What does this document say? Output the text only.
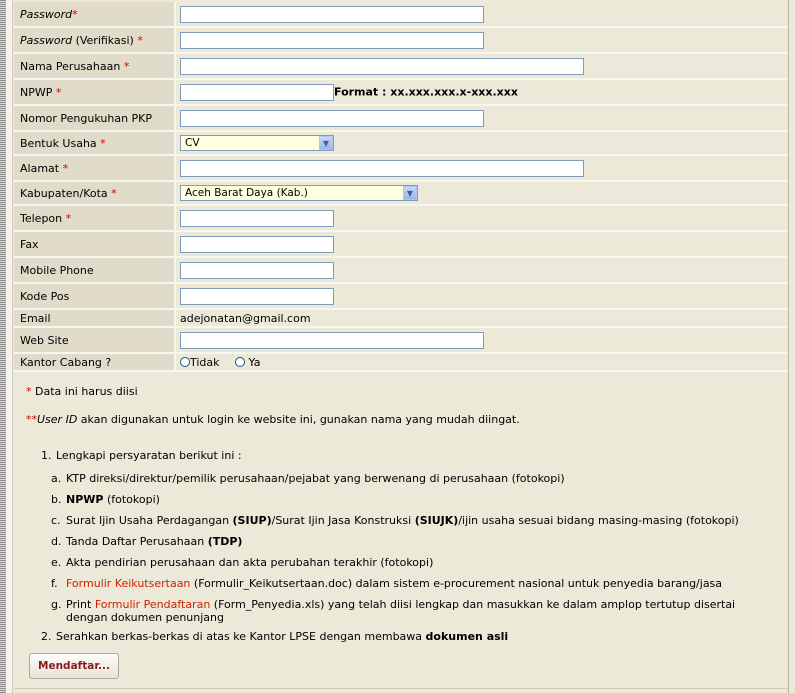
Password*	
Password (Verifikasi) *	
Nama Perusahaan *	
NPWP *	Format : xx.xxx.xxx.x-xxx.xxx
Nomor Pengukuhan PKP	
Bentuk Usaha *	CV ▼

Alamat *	
Kabupaten/Kota *	Aceh Barat Daya (Kab.) ▼

Telepon *	
Fax	
Mobile Phone	
Kode Pos	
Email	adejonatan@gmail.com
Web Site	
Kantor Cabang ?	Tidak Ya
* Data ini harus diisi
**User ID akan digunakan untuk login ke website ini, gunakan nama yang mudah diingat.
1. Lengkapi persyaratan berikut ini :
a. KTP direksi/direktur/pemilik perusahaan/pejabat yang berwenang di perusahaan (fotokopi)
b. NPWP (fotokopi)
c. Surat Ijin Usaha Perdagangan (SIUP)/Surat Ijin Jasa Konstruksi (SIUJK)/ijin usaha sesuai bidang masing-masing (fotokopi)
d. Tanda Daftar Perusahaan (TDP)
e. Akta pendirian perusahaan dan akta perubahan terakhir (fotokopi)
f. Formulir Keikutsertaan (Formulir_Keikutsertaan.doc) dalam sistem e-procurement nasional untuk penyedia barang/jasa
g. Print Formulir Pendaftaran (Form_Penyedia.xls) yang telah diisi lengkap dan masukkan ke dalam amplop tertutup disertai dengan dokumen penunjang
2. Serahkan berkas-berkas di atas ke Kantor LPSE dengan membawa dokumen asli
Mendaftar...
